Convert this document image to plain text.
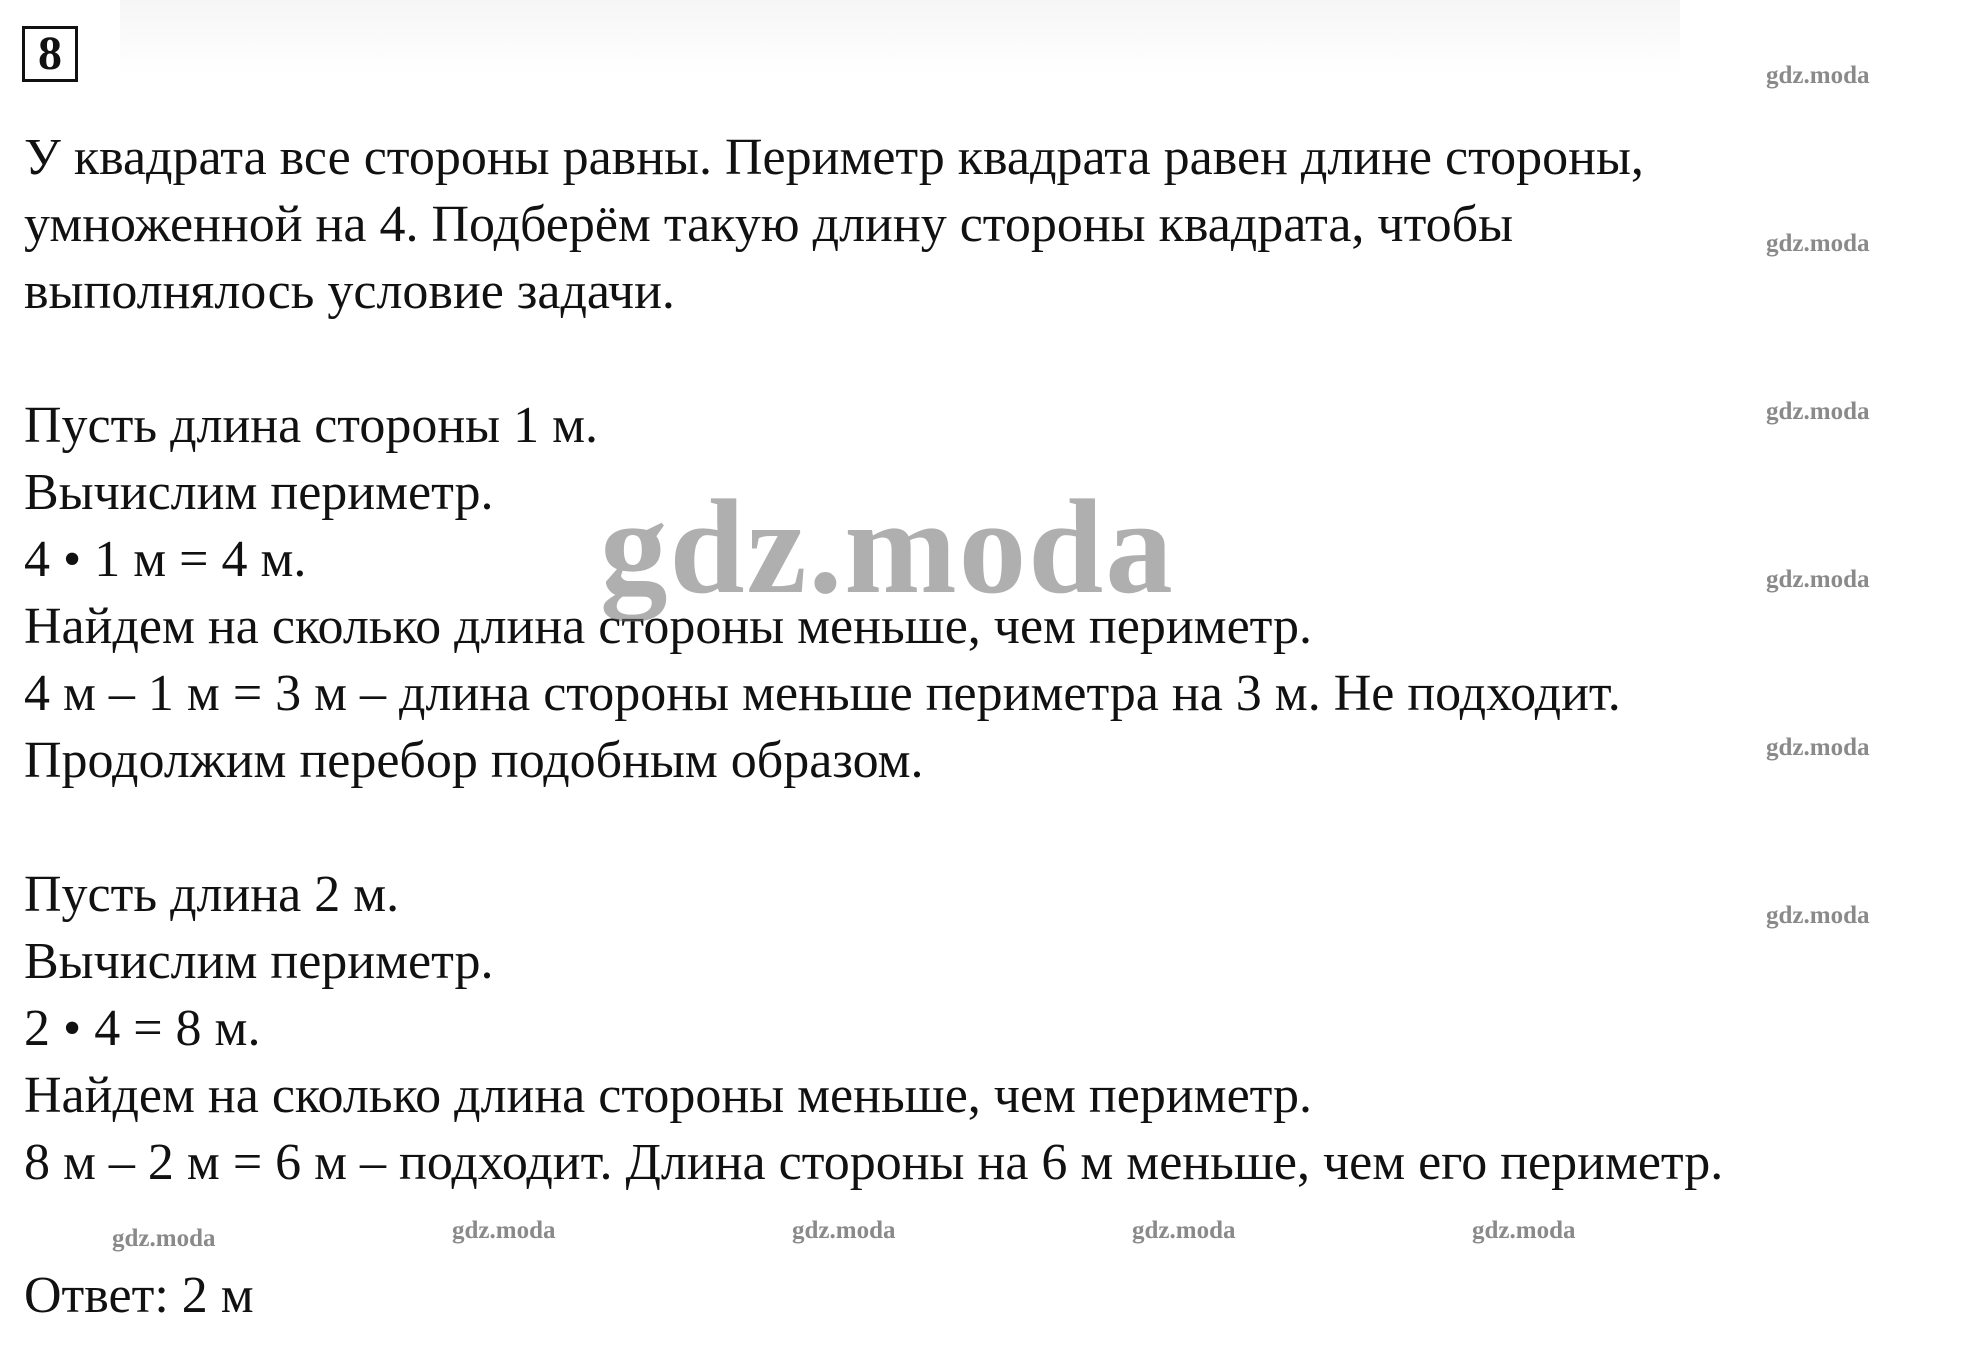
8
У квадрата все стороны равны. Периметр квадрата равен длине стороны,
умноженной на 4. Подберём такую длину стороны квадрата, чтобы
выполнялось условие задачи.
Пусть длина стороны 1 м.
Вычислим периметр.
4 • 1 м = 4 м.
Найдем на сколько длина стороны меньше, чем периметр.
4 м – 1 м = 3 м – длина стороны меньше периметра на 3 м. Не подходит.
Продолжим перебор подобным образом.
Пусть длина 2 м.
Вычислим периметр.
2 • 4 = 8 м.
Найдем на сколько длина стороны меньше, чем периметр.
8 м – 2 м = 6 м – подходит. Длина стороны на 6 м меньше, чем его периметр.
Ответ: 2 м
gdz.moda
gdz.moda
gdz.moda
gdz.moda
gdz.moda
gdz.moda
gdz.moda
gdz.moda	gdz.moda	gdz.moda	gdz.moda	gdz.moda
